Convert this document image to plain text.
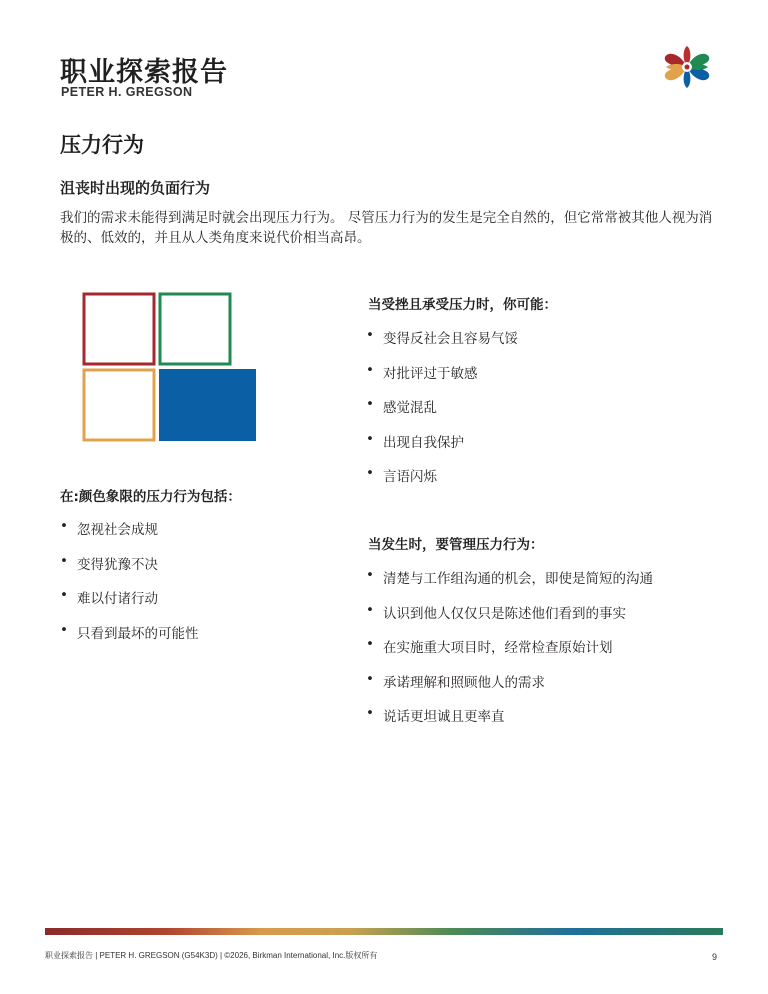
职业探索报告
PETER H. GREGSON
压力行为
沮丧时出现的负面行为
我们的需求未能得到满足时就会出现压力行为。 尽管压力行为的发生是完全自然的，但它常常被其他人视为消极的、低效的，并且从人类角度来说代价相当高昂。
当受挫且承受压力时，你可能：
• 变得反社会且容易气馁
• 对批评过于敏感
• 感觉混乱
• 出现自我保护
• 言语闪烁
在:颜色象限的压力行为包括：
• 忽视社会成规
• 变得犹豫不决
• 难以付诸行动
• 只看到最坏的可能性
当发生时，要管理压力行为：
• 清楚与工作组沟通的机会，即使是简短的沟通
• 认识到他人仅仅只是陈述他们看到的事实
• 在实施重大项目时，经常检查原始计划
• 承诺理解和照顾他人的需求
• 说话更坦诚且更率直
职业探索报告 | PETER H. GREGSON (G54K3D) | ©2026, Birkman International, Inc.版权所有	9
